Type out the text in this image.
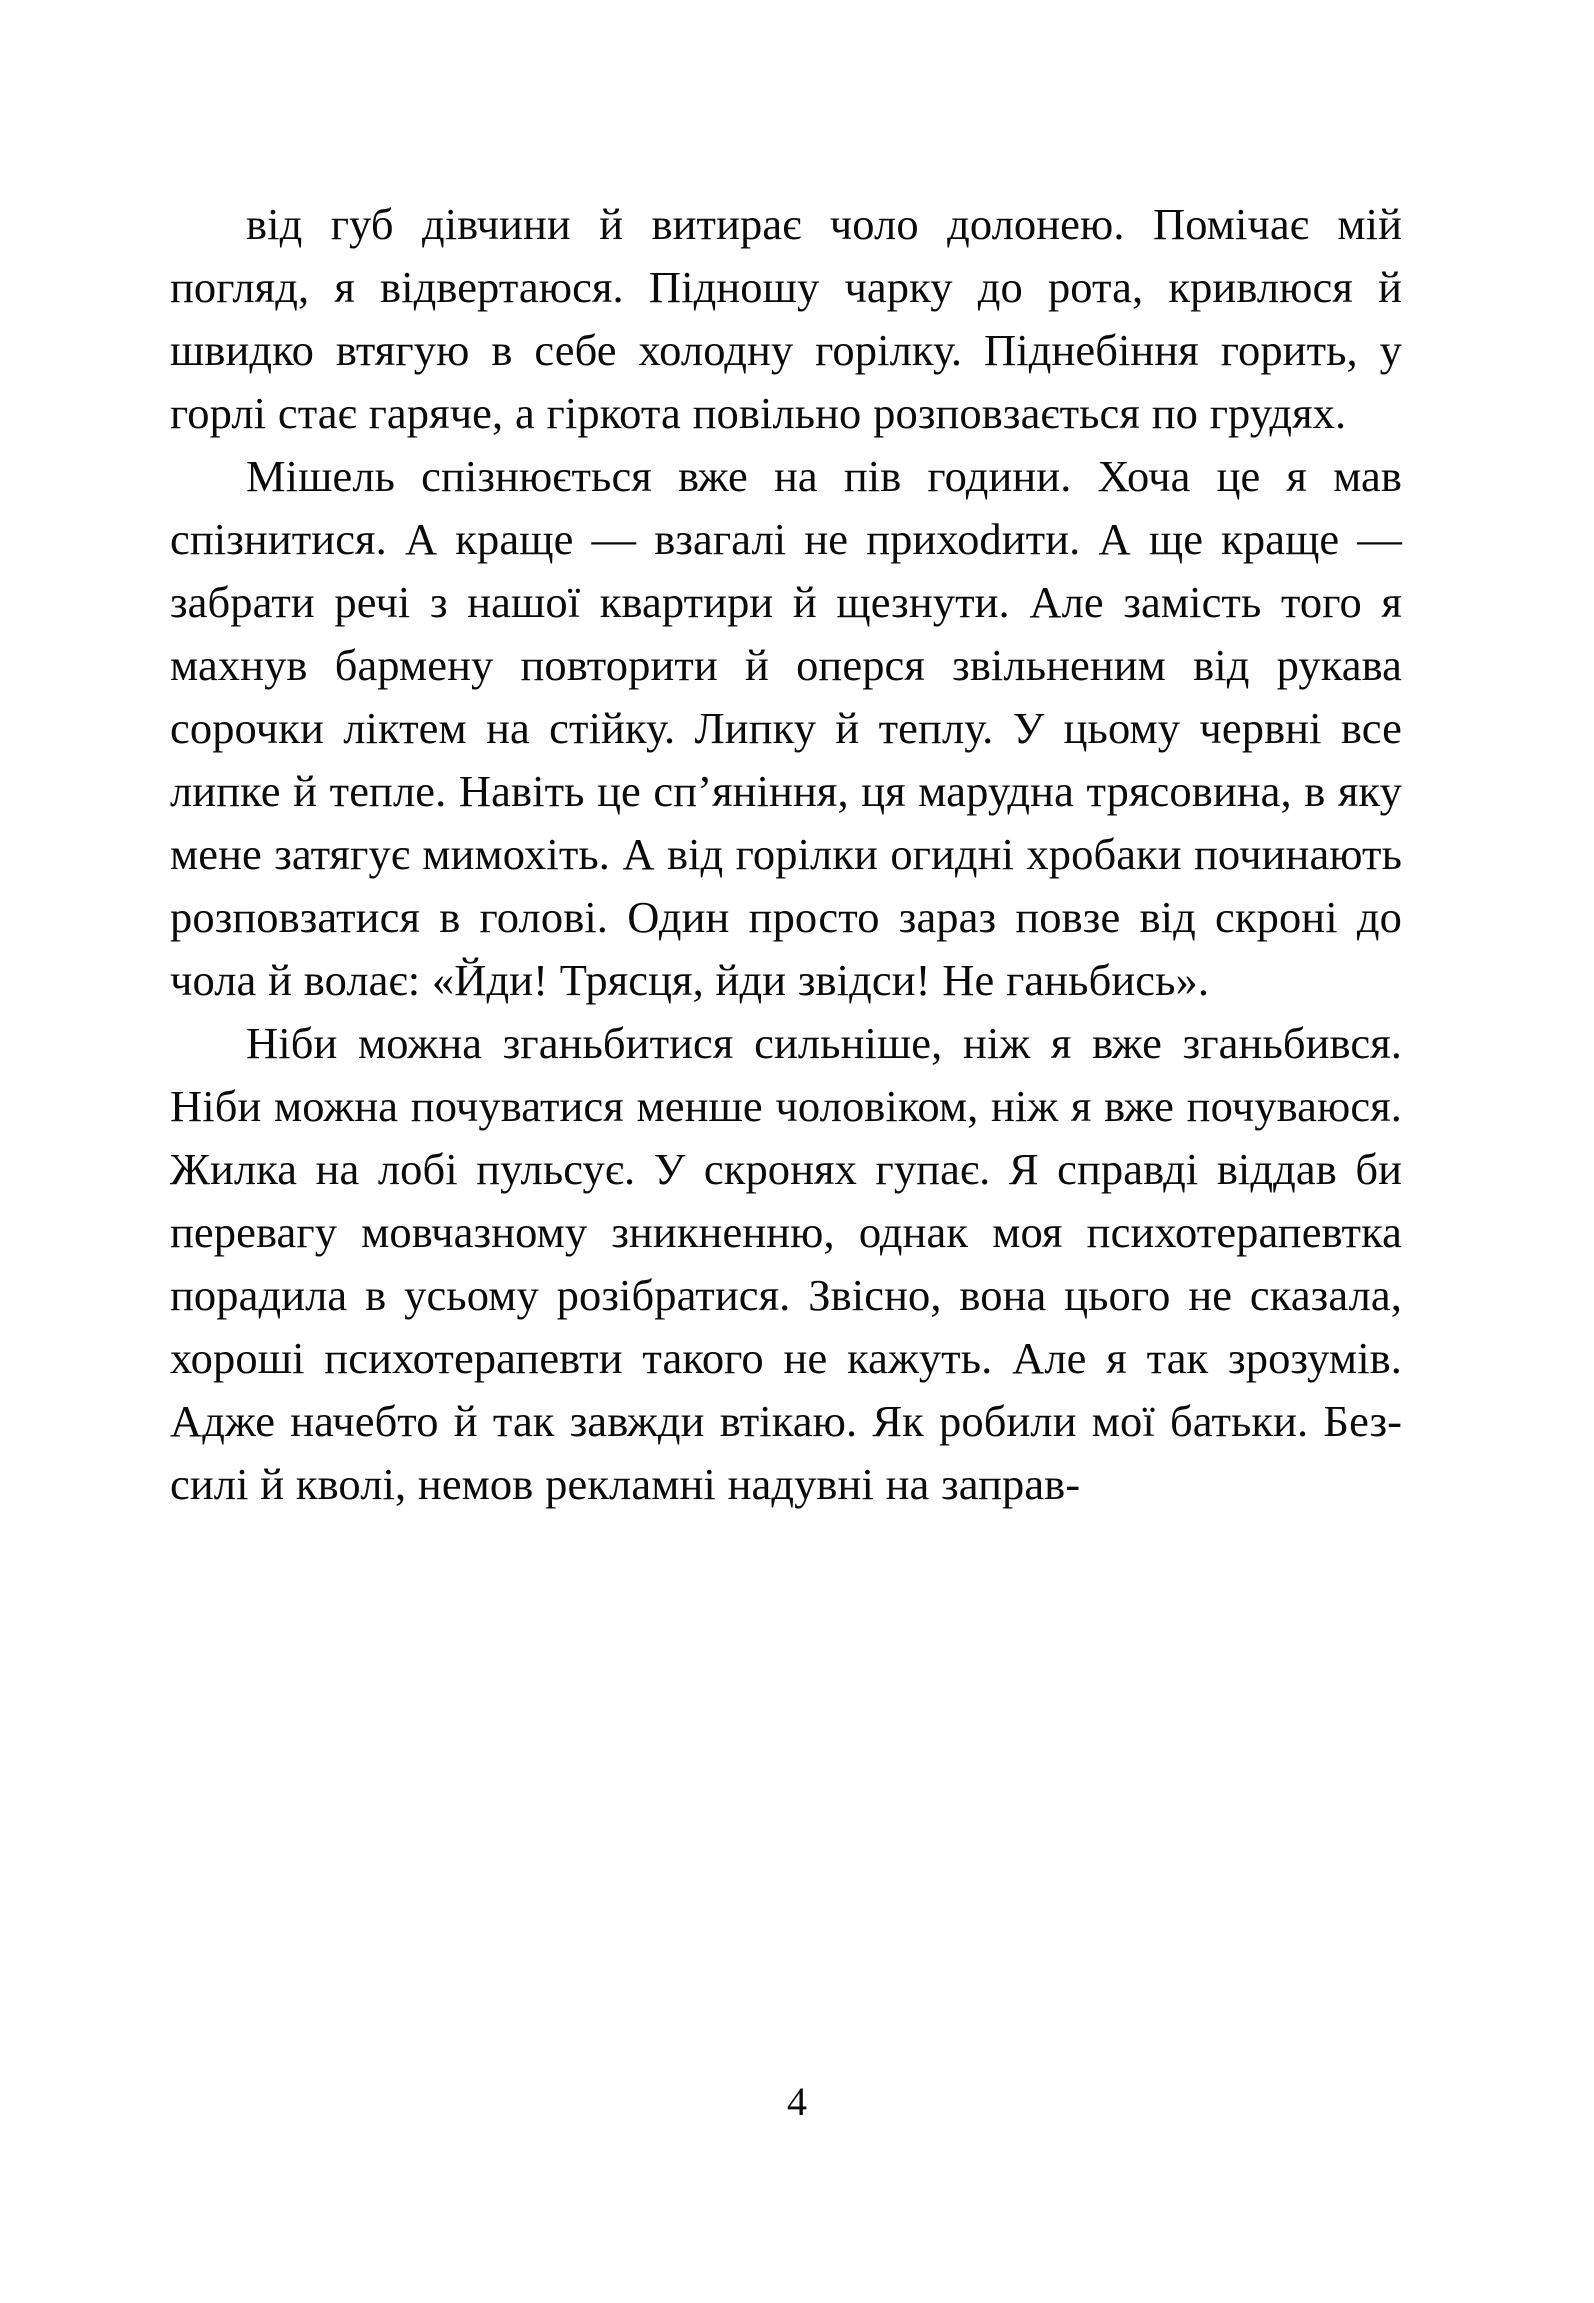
від губ дівчини й витирає чоло долонею. Помічає мій погляд, я відвертаюся. Підношу чарку до рота, кривлюся й швидко втягую в себе холодну горілку. Піднебіння горить, у горлі стає гаряче, а гіркота повільно розповзається по грудях.

Мішель спізнюється вже на пів години. Хоча це я мав спізнитися. А краще — взагалі не прихоdити. А ще краще — забрати речі з нашої квартири й щезнути. Але замість того я махнув бармену повторити й оперся звільненим від рукава сорочки ліктем на стійку. Липку й теплу. У цьому червні все липке й тепле. Навіть це сп’яніння, ця марудна трясовина, в яку мене затягує мимохіть. А від горілки огидні хробаки починають розповзатися в голові. Один просто зараз повзе від скроні до чола й волає: «Йди! Трясця, йди звідси! Не ганьбись».

Ніби можна зганьбитися сильніше, ніж я вже зганьбився. Ніби можна почуватися менше чоловіком, ніж я вже почуваюся. Жилка на лобі пульсує. У скронях гупає. Я справді віддав би перевагу мовчазному зникненню, однак моя психотерапевтка порадила в усьому розібратися. Звісно, вона цього не сказала, хороші психотерапевти такого не кажуть. Але я так зрозумів. Адже начебто й так завжди втікаю. Як робили мої батьки. Безсилі й кволі, немов рекламні надувні на заправ-

4
